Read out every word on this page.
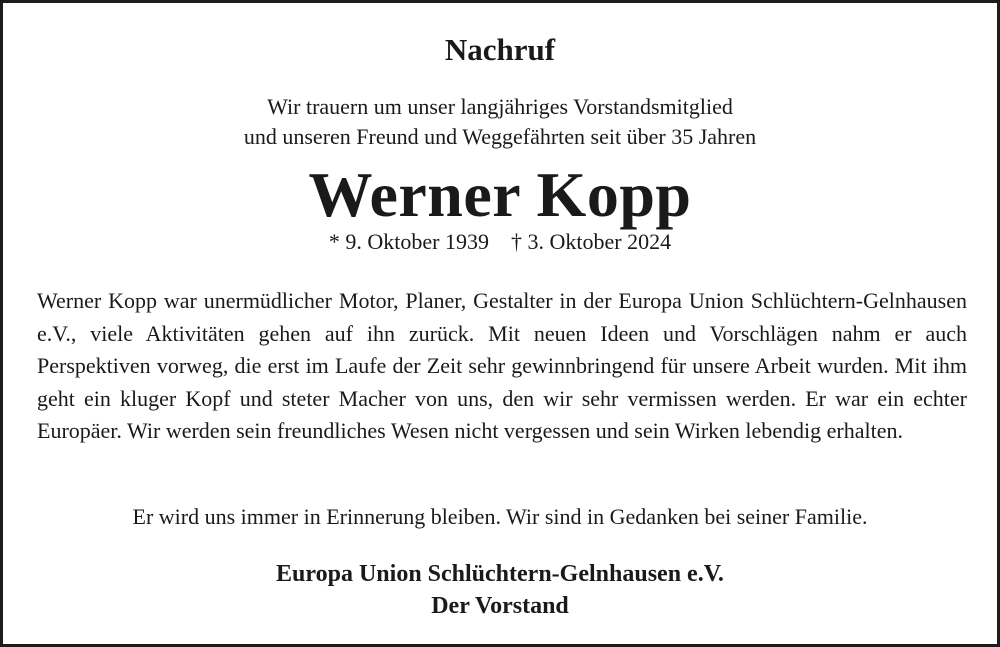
Nachruf
Wir trauern um unser langjähriges Vorstandsmitglied
und unseren Freund und Weggefährten seit über 35 Jahren
Werner Kopp
* 9. Oktober 1939 † 3. Oktober 2024
Werner Kopp war unermüdlicher Motor, Planer, Gestalter in der Europa Union Schlüchtern-Gelnhausen e.V., viele Aktivitäten gehen auf ihn zurück. Mit neuen Ideen und Vorschlägen nahm er auch Perspektiven vorweg, die erst im Laufe der Zeit sehr gewinnbringend für unsere Arbeit wurden. Mit ihm geht ein kluger Kopf und steter Macher von uns, den wir sehr vermissen werden. Er war ein echter Europäer. Wir werden sein freundliches Wesen nicht vergessen und sein Wirken lebendig erhalten.
Er wird uns immer in Erinnerung bleiben. Wir sind in Gedanken bei seiner Familie.
Europa Union Schlüchtern-Gelnhausen e.V.
Der Vorstand
